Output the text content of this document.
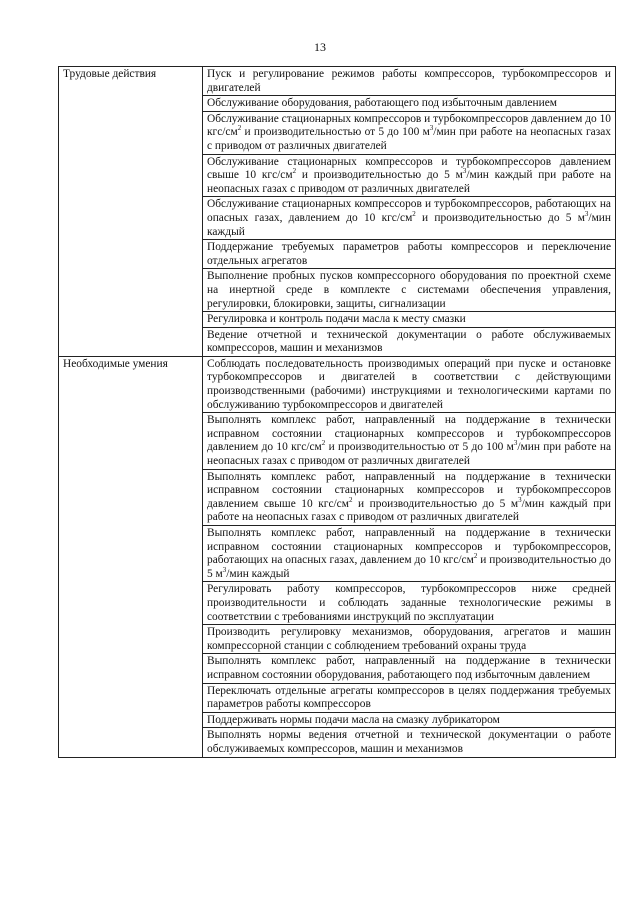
13
Трудовые действия	Пуск и регулирование режимов работы компрессоров, турбокомпрессоров и двигателей
	Обслуживание оборудования, работающего под избыточным давлением
	Обслуживание стационарных компрессоров и турбокомпрессоров давлением до 10 кгс/$см^2$ и производительностью от 5 до 100 $м^3$/мин при работе на неопасных газах с приводом от различных двигателей
	Обслуживание стационарных компрессоров и турбокомпрессоров давлением свыше 10 кгс/$см^2$ и производительностью до 5 $м^3$/мин каждый при работе на неопасных газах с приводом от различных двигателей
	Обслуживание стационарных компрессоров и турбокомпрессоров, работающих на опасных газах, давлением до 10 кгс/$см^2$ и производительностью до 5 $м^3$/мин каждый
	Поддержание требуемых параметров работы компрессоров и переключение отдельных агрегатов
	Выполнение пробных пусков компрессорного оборудования по проектной схеме на инертной среде в комплекте с системами обеспечения управления, регулировки, блокировки, защиты, сигнализации
	Регулировка и контроль подачи масла к месту смазки
	Ведение отчетной и технической документации о работе обслуживаемых компрессоров, машин и механизмов
Необходимые умения	Соблюдать последовательность производимых операций при пуске и остановке турбокомпрессоров и двигателей в соответствии с действующими производственными (рабочими) инструкциями и технологическими картами по обслуживанию турбокомпрессоров и двигателей
	Выполнять комплекс работ, направленный на поддержание в технически исправном состоянии стационарных компрессоров и турбокомпрессоров давлением до 10 кгс/$см^2$ и производительностью от 5 до 100 $м^3$/мин при работе на неопасных газах с приводом от различных двигателей
	Выполнять комплекс работ, направленный на поддержание в технически исправном состоянии стационарных компрессоров и турбокомпрессоров давлением свыше 10 кгс/$см^2$ и производительностью до 5 $м^3$/мин каждый при работе на неопасных газах с приводом от различных двигателей
	Выполнять комплекс работ, направленный на поддержание в технически исправном состоянии стационарных компрессоров и турбокомпрессоров, работающих на опасных газах, давлением до 10 кгс/$см^2$ и производительностью до 5 $м^3$/мин каждый
	Регулировать работу компрессоров, турбокомпрессоров ниже средней производительности и соблюдать заданные технологические режимы в соответствии с требованиями инструкций по эксплуатации
	Производить регулировку механизмов, оборудования, агрегатов и машин компрессорной станции с соблюдением требований охраны труда
	Выполнять комплекс работ, направленный на поддержание в технически исправном состоянии оборудования, работающего под избыточным давлением
	Переключать отдельные агрегаты компрессоров в целях поддержания требуемых параметров работы компрессоров
	Поддерживать нормы подачи масла на смазку лубрикатором
	Выполнять нормы ведения отчетной и технической документации о работе обслуживаемых компрессоров, машин и механизмов
